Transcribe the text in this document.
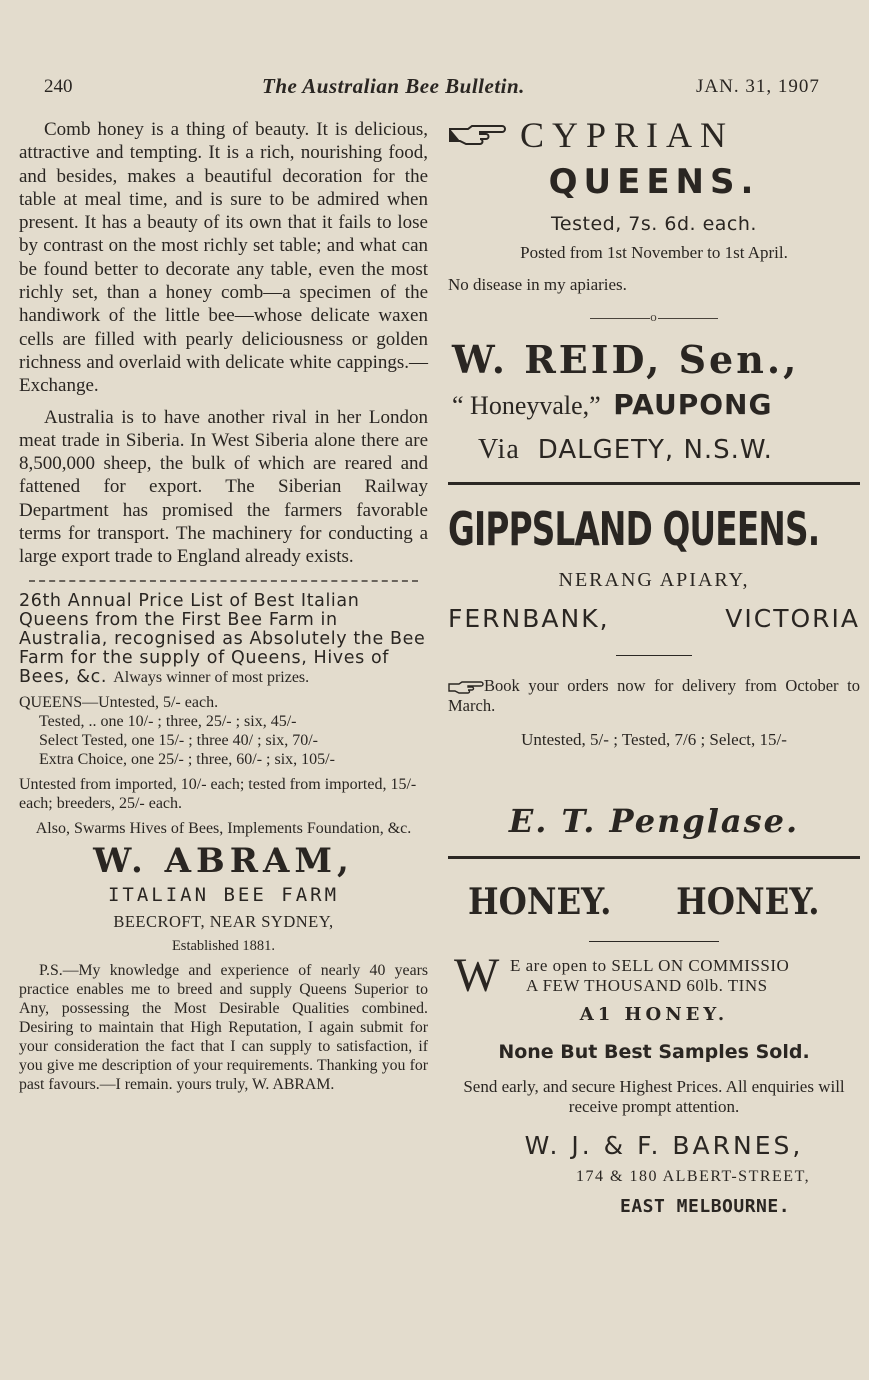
240	The Australian Bee Bulletin.	JAN. 31, 1907

Comb honey is a thing of beauty. It is delicious, attractive and tempting. It is a rich, nourishing food, and besides, makes a beautiful decoration for the table at meal time, and is sure to be admired when present. It has a beauty of its own that it fails to lose by contrast on the most richly set table; and what can be found better to decorate any table, even the most richly set, than a honey comb—a specimen of the handiwork of the little bee—whose delicate waxen cells are filled with pearly deliciousness or golden richness and overlaid with delicate white cappings.—Exchange.

Australia is to have another rival in her London meat trade in Siberia. In West Siberia alone there are 8,500,000 sheep, the bulk of which are reared and fattened for export. The Siberian Railway Department has promised the farmers favorable terms for transport. The machinery for conducting a large export trade to England already exists.

26th Annual Price List of Best Italian Queens from the First Bee Farm in Australia, recognised as Absolutely the Bee Farm for the supply of Queens, Hives of Bees, &c. Always winner of most prizes.

QUEENS—Untested, 5/- each.

Tested, .. one 10/- ; three, 25/- ; six, 45/-

Select Tested, one 15/- ; three 40/ ; six, 70/-

Extra Choice, one 25/- ; three, 60/- ; six, 105/-

Untested from imported, 10/- each; tested from imported, 15/- each; breeders, 25/- each.

Also, Swarms Hives of Bees, Implements Foundation, &c.

W. ABRAM,

ITALIAN BEE FARM

BEECROFT, NEAR SYDNEY,

Established 1881.

P.S.—My knowledge and experience of nearly 40 years practice enables me to breed and supply Queens Superior to Any, possessing the Most Desirable Qualities combined. Desiring to maintain that High Reputation, I again submit for your consideration the fact that I can supply to satisfaction, if you give me description of your requirements. Thanking you for past favours.—I remain. yours truly, W. ABRAM.

CYPRIAN

QUEENS.

Tested, 7s. 6d. each.

Posted from 1st November to 1st April.

No disease in my apiaries.

o

W. REID, Sen.,

“ Honeyvale,” PAUPONG

Via DALGETY, N.S.W.

GIPPSLAND QUEENS.

NERANG APIARY,

FERNBANK,	VICTORIA

Book your orders now for delivery from October to March.

Untested, 5/- ; Tested, 7/6 ; Select, 15/-

E. T. Penglase.

HONEY. HONEY.

W E are open to SELL ON COMMISSIO
A FEW THOUSAND 60lb. TINS

A1 HONEY.

None But Best Samples Sold.

Send early, and secure Highest Prices. All enquiries will receive prompt attention.

W. J. & F. BARNES,

174 & 180 ALBERT-STREET,

EAST MELBOURNE.
